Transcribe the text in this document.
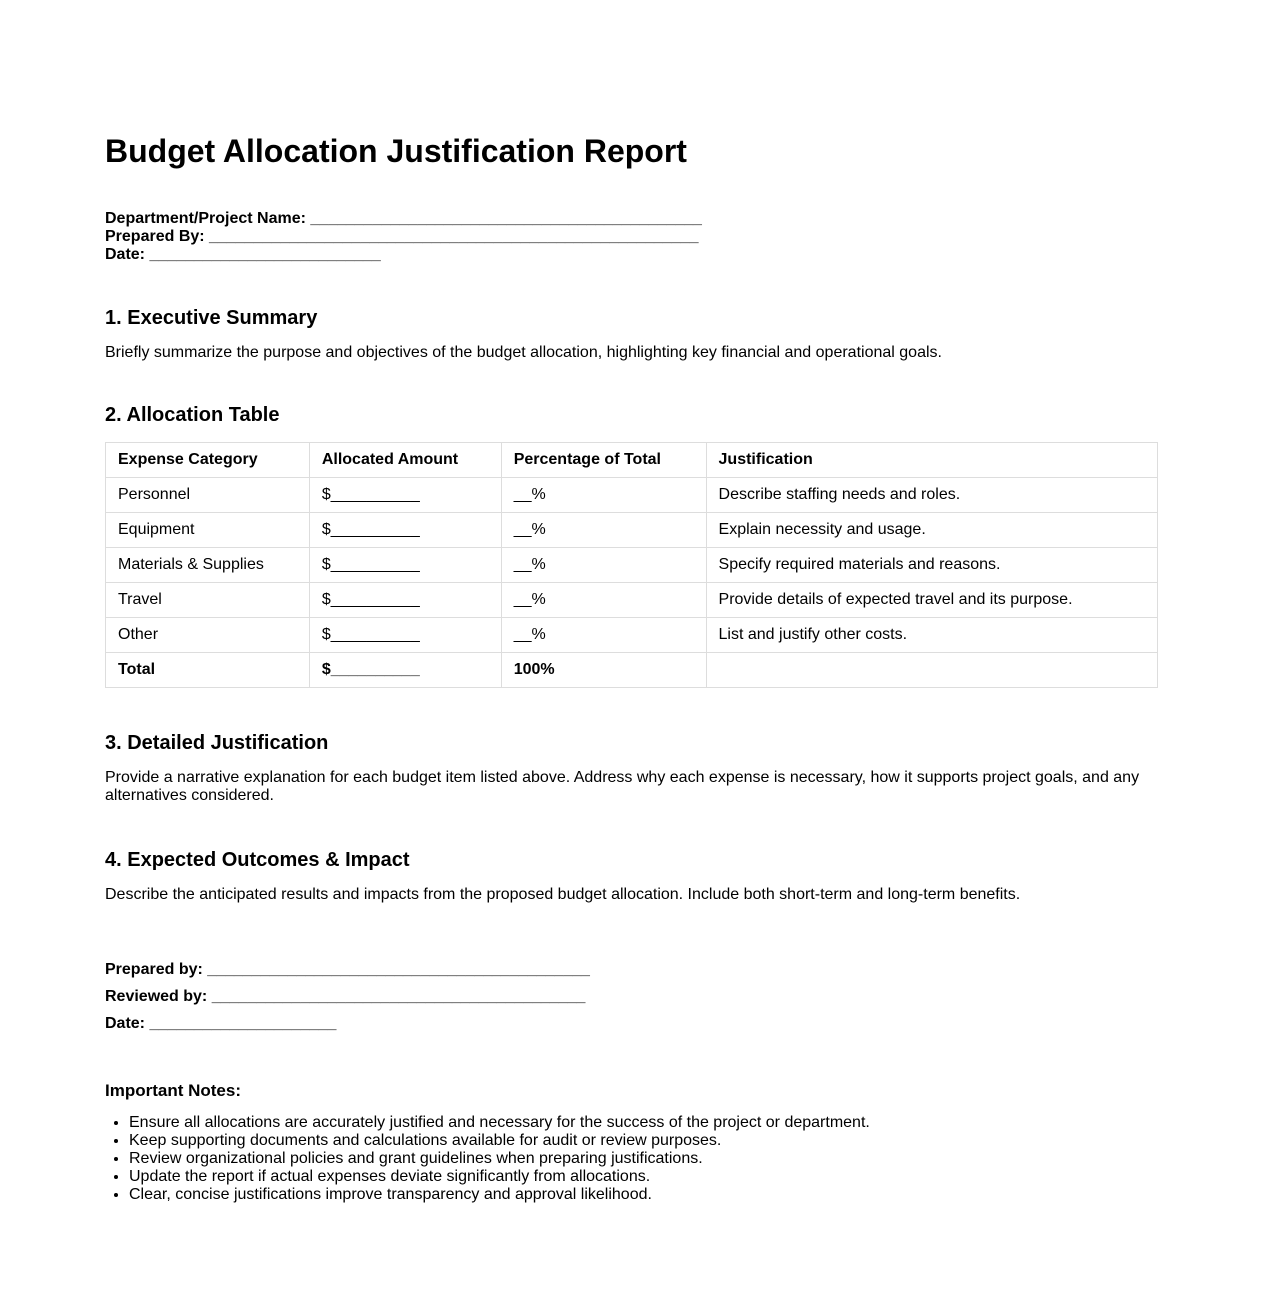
Budget Allocation Justification Report
Department/Project Name: ____________________________________________
Prepared By: _______________________________________________________
Date: __________________________
1. Executive Summary

Briefly summarize the purpose and objectives of the budget allocation, highlighting key financial and operational goals.

2. Allocation Table
Expense Category	Allocated Amount	Percentage of Total	Justification
Personnel	$__________	__%	Describe staffing needs and roles.
Equipment	$__________	__%	Explain necessity and usage.
Materials & Supplies	$__________	__%	Specify required materials and reasons.
Travel	$__________	__%	Provide details of expected travel and its purpose.
Other	$__________	__%	List and justify other costs.
Total	$__________	100%	
3. Detailed Justification

Provide a narrative explanation for each budget item listed above. Address why each expense is necessary, how it supports project goals, and any alternatives considered.

4. Expected Outcomes & Impact

Describe the anticipated results and impacts from the proposed budget allocation. Include both short-term and long-term benefits.

Prepared by: ___________________________________________
Reviewed by: __________________________________________
Date: _____________________
Important Notes:
• Ensure all allocations are accurately justified and necessary for the success of the project or department.
• Keep supporting documents and calculations available for audit or review purposes.
• Review organizational policies and grant guidelines when preparing justifications.
• Update the report if actual expenses deviate significantly from allocations.
• Clear, concise justifications improve transparency and approval likelihood.
